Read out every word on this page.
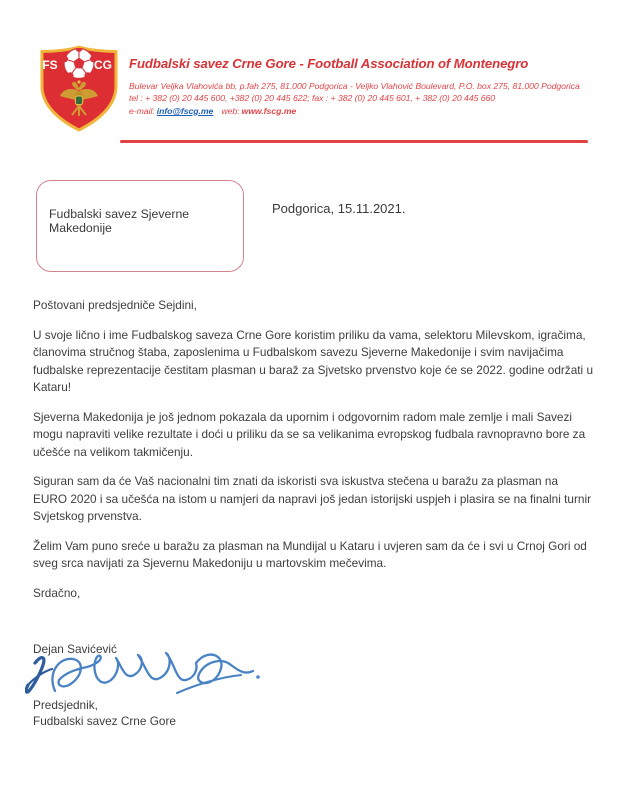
FS	CG Fudbalski savez Crne Gore - Football Association of Montenegro
Bulevar Veljka Vlahovića bb, p.fah 275, 81.000 Podgorica - Veljko Vlahović Boulevard, P.O. box 275, 81.000 Podgorica
tel : + 382 (0) 20 445 600, +382 (0) 20 445 622; fax : + 382 (0) 20 445 601, + 382 (0) 20 445 660
e-mail: info@fscg.me web: www.fscg.me
Fudbalski savez Sjeverne Makedonije
Podgorica, 15.11.2021.

Poštovani predsjedniče Sejdini,

U svoje lično i ime Fudbalskog saveza Crne Gore koristim priliku da vama, selektoru Milevskom, igračima, članovima stručnog štaba, zaposlenima u Fudbalskom savezu Sjeverne Makedonije i svim navijačima fudbalske reprezentacije čestitam plasman u baraž za Sjvetsko prvenstvo koje će se 2022. godine održati u Kataru!

Sjeverna Makedonija je još jednom pokazala da upornim i odgovornim radom male zemlje i mali Savezi mogu napraviti velike rezultate i doći u priliku da se sa velikanima evropskog fudbala ravnopravno bore za učešće na velikom takmičenju.

Siguran sam da će Vaš nacionalni tim znati da iskoristi sva iskustva stečena u baražu za plasman na EURO 2020 i sa učešća na istom u namjeri da napravi još jedan istorijski uspjeh i plasira se na finalni turnir Svjetskog prvenstva.

Želim Vam puno sreće u baražu za plasman na Mundijal u Kataru i uvjeren sam da će i svi u Crnoj Gori od sveg srca navijati za Sjevernu Makedoniju u martovskim mečevima.

Srdačno,

Dejan Savićević
Predsjednik,
Fudbalski savez Crne Gore
